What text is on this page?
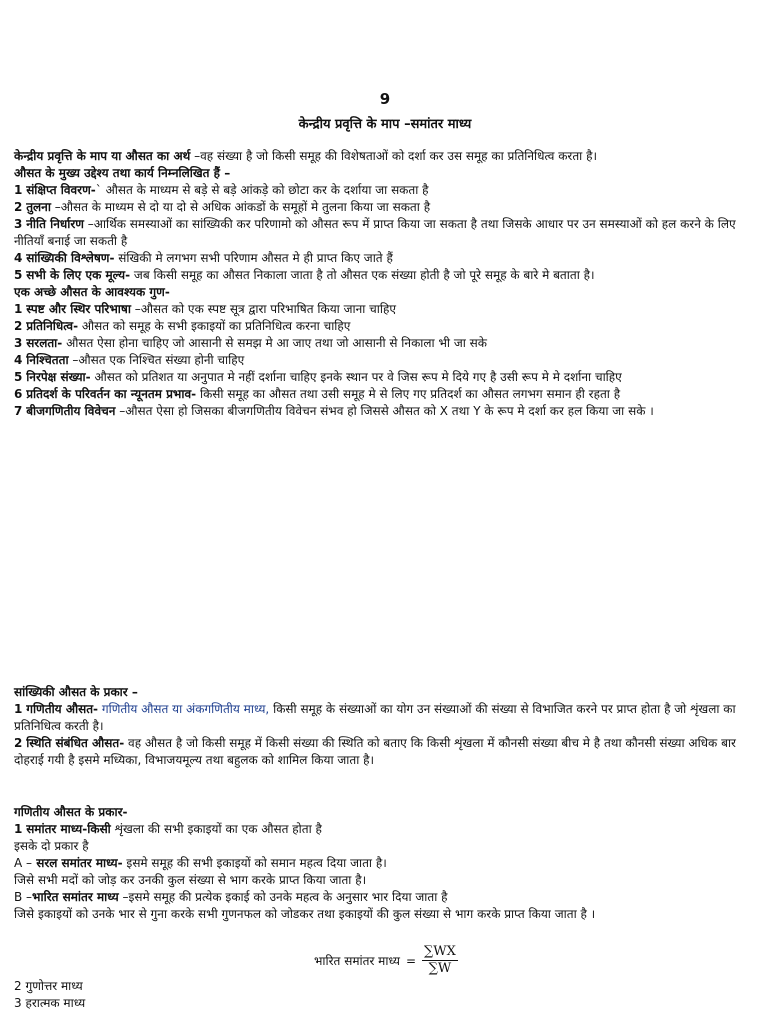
9
केन्द्रीय प्रवृत्ति के माप –समांतर माध्य

केन्द्रीय प्रवृत्ति के माप या औसत का अर्थ –वह संख्या है जो किसी समूह की विशेषताओं को दर्शा कर उस समूह का प्रतिनिधित्व करता है।

औसत के मुख्य उद्देश्य तथा कार्य निम्नलिखित हैं –

1 संक्षिप्त विवरण-` औसत के माध्यम से बड़े से बड़े आंकड़े को छोटा कर के दर्शाया जा सकता है

2 तुलना –औसत के माध्यम से दो या दो से अधिक आंकडों के समूहों मे तुलना किया जा सकता है

3 नीति निर्धारण –आर्थिक समस्याओं का सांख्यिकी कर परिणामो को औसत रूप में प्राप्त किया जा सकता है तथा जिसके आधार पर उन समस्याओं को हल करने के लिए नीतियाँ बनाई जा सकती है

4 सांख्यिकी विश्लेषण- संखिकी मे लगभग सभी परिणाम औसत मे ही प्राप्त किए जाते हैं

5 सभी के लिए एक मूल्य- जब किसी समूह का औसत निकाला जाता है तो औसत एक संख्या होती है जो पूरे समूह के बारे मे बताता है।

एक अच्छे औसत के आवश्यक गुण-

1 स्पष्ट और स्थिर परिभाषा –औसत को एक स्पष्ट सूत्र द्वारा परिभाषित किया जाना चाहिए

2 प्रतिनिधित्व- औसत को समूह के सभी इकाइयों का प्रतिनिधित्व करना चाहिए

3 सरलता- औसत ऐसा होना चाहिए जो आसानी से समझ मे आ जाए तथा जो आसानी से निकाला भी जा सके

4 निश्चितता –औसत एक निश्चित संख्या होनी चाहिए

5 निरपेक्ष संख्या- औसत को प्रतिशत या अनुपात मे नहीं दर्शाना चाहिए इनके स्थान पर वे जिस रूप मे दिये गए है उसी रूप मे मे दर्शाना चाहिए

6 प्रतिदर्श के परिवर्तन का न्यूनतम प्रभाव- किसी समूह का औसत तथा उसी समूह मे से लिए गए प्रतिदर्श का औसत लगभग समान ही रहता है

7 बीजगणितीय विवेचन –औसत ऐसा हो जिसका बीजगणितीय विवेचन संभव हो जिससे औसत को X तथा Y के रूप मे दर्शा कर हल किया जा सके ।

सांख्यिकी औसत के प्रकार –

1 गणितीय औसत- गणितीय औसत या अंकगणितीय माध्य, किसी समूह के संख्याओं का योग उन संख्याओं की संख्या से विभाजित करने पर प्राप्त होता है जो शृंखला का प्रतिनिधित्व करती है।

2 स्थिति संबंधित औसत- वह औसत है जो किसी समूह में किसी संख्या की स्थिति को बताए कि किसी शृंखला में कौनसी संख्या बीच मे है तथा कौनसी संख्या अधिक बार दोहराई गयी है इसमे मध्यिका, विभाजयमूल्य तथा बहुलक को शामिल किया जाता है।

गणितीय औसत के प्रकार-

1 समांतर माध्य-किसी शृंखला की सभी इकाइयों का एक औसत होता है

इसके दो प्रकार है

A – सरल समांतर माध्य- इसमे समूह की सभी इकाइयों को समान महत्व दिया जाता है।

जिसे सभी मदों को जोड़ कर उनकी कुल संख्या से भाग करके प्राप्त किया जाता है।

B –भारित समांतर माध्य –इसमे समूह की प्रत्येक इकाई को उनके महत्व के अनुसार भार दिया जाता है

जिसे इकाइयों को उनके भार से गुना करके सभी गुणनफल को जोडकर तथा इकाइयों की कुल संख्या से भाग करके प्राप्त किया जाता है ।

भारित समांतर माध्य = $\frac{\sum WX}{\sum W}$

2 गुणोत्तर माध्य

3 हरात्मक माध्य
